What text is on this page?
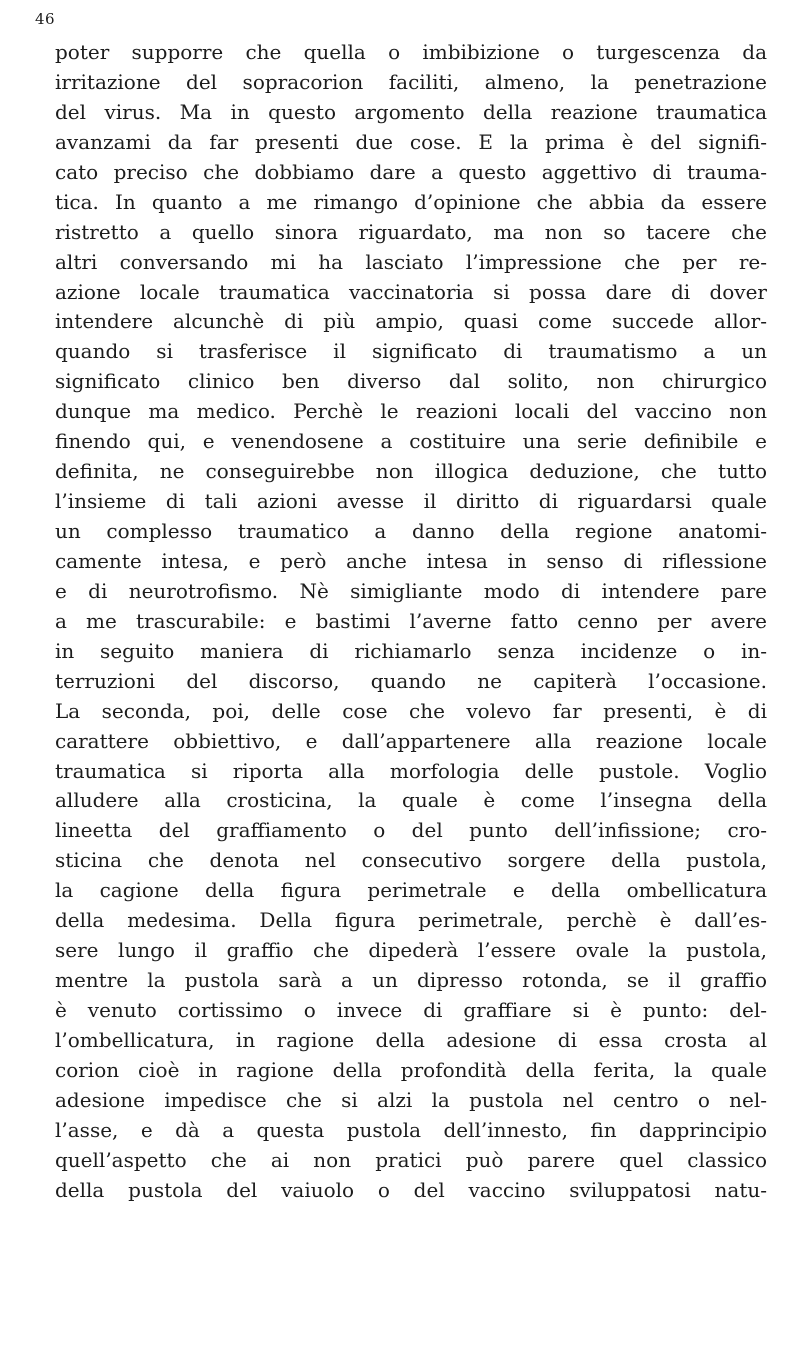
46
poter supporre che quella o imbibizione o turgescenza da
irritazione del sopracorion faciliti, almeno, la penetrazione
del virus. Ma in questo argomento della reazione traumatica
avanzami da far presenti due cose. E la prima è del signifi-
cato preciso che dobbiamo dare a questo aggettivo di trauma-
tica. In quanto a me rimango d’opinione che abbia da essere
ristretto a quello sinora riguardato, ma non so tacere che
altri conversando mi ha lasciato l’impressione che per re-
azione locale traumatica vaccinatoria si possa dare di dover
intendere alcunchè di più ampio, quasi come succede allor-
quando si trasferisce il significato di traumatismo a un
significato clinico ben diverso dal solito, non chirurgico
dunque ma medico. Perchè le reazioni locali del vaccino non
finendo qui, e venendosene a costituire una serie definibile e
definita, ne conseguirebbe non illogica deduzione, che tutto
l’insieme di tali azioni avesse il diritto di riguardarsi quale
un complesso traumatico a danno della regione anatomi-
camente intesa, e però anche intesa in senso di riflessione
e di neurotrofismo. Nè simigliante modo di intendere pare
a me trascurabile: e bastimi l’averne fatto cenno per avere
in seguito maniera di richiamarlo senza incidenze o in-
terruzioni del discorso, quando ne capiterà l’occasione.
La seconda, poi, delle cose che volevo far presenti, è di
carattere obbiettivo, e dall’appartenere alla reazione locale
traumatica si riporta alla morfologia delle pustole. Voglio
alludere alla crosticina, la quale è come l’insegna della
lineetta del graffiamento o del punto dell’infissione; cro-
sticina che denota nel consecutivo sorgere della pustola,
la cagione della figura perimetrale e della ombellicatura
della medesima. Della figura perimetrale, perchè è dall’es-
sere lungo il graffio che dipederà l’essere ovale la pustola,
mentre la pustola sarà a un dipresso rotonda, se il graffio
è venuto cortissimo o invece di graffiare si è punto: del-
l’ombellicatura, in ragione della adesione di essa crosta al
corion cioè in ragione della profondità della ferita, la quale
adesione impedisce che si alzi la pustola nel centro o nel-
l’asse, e dà a questa pustola dell’innesto, fin dapprincipio
quell’aspetto che ai non pratici può parere quel classico
della pustola del vaiuolo o del vaccino sviluppatosi natu-
